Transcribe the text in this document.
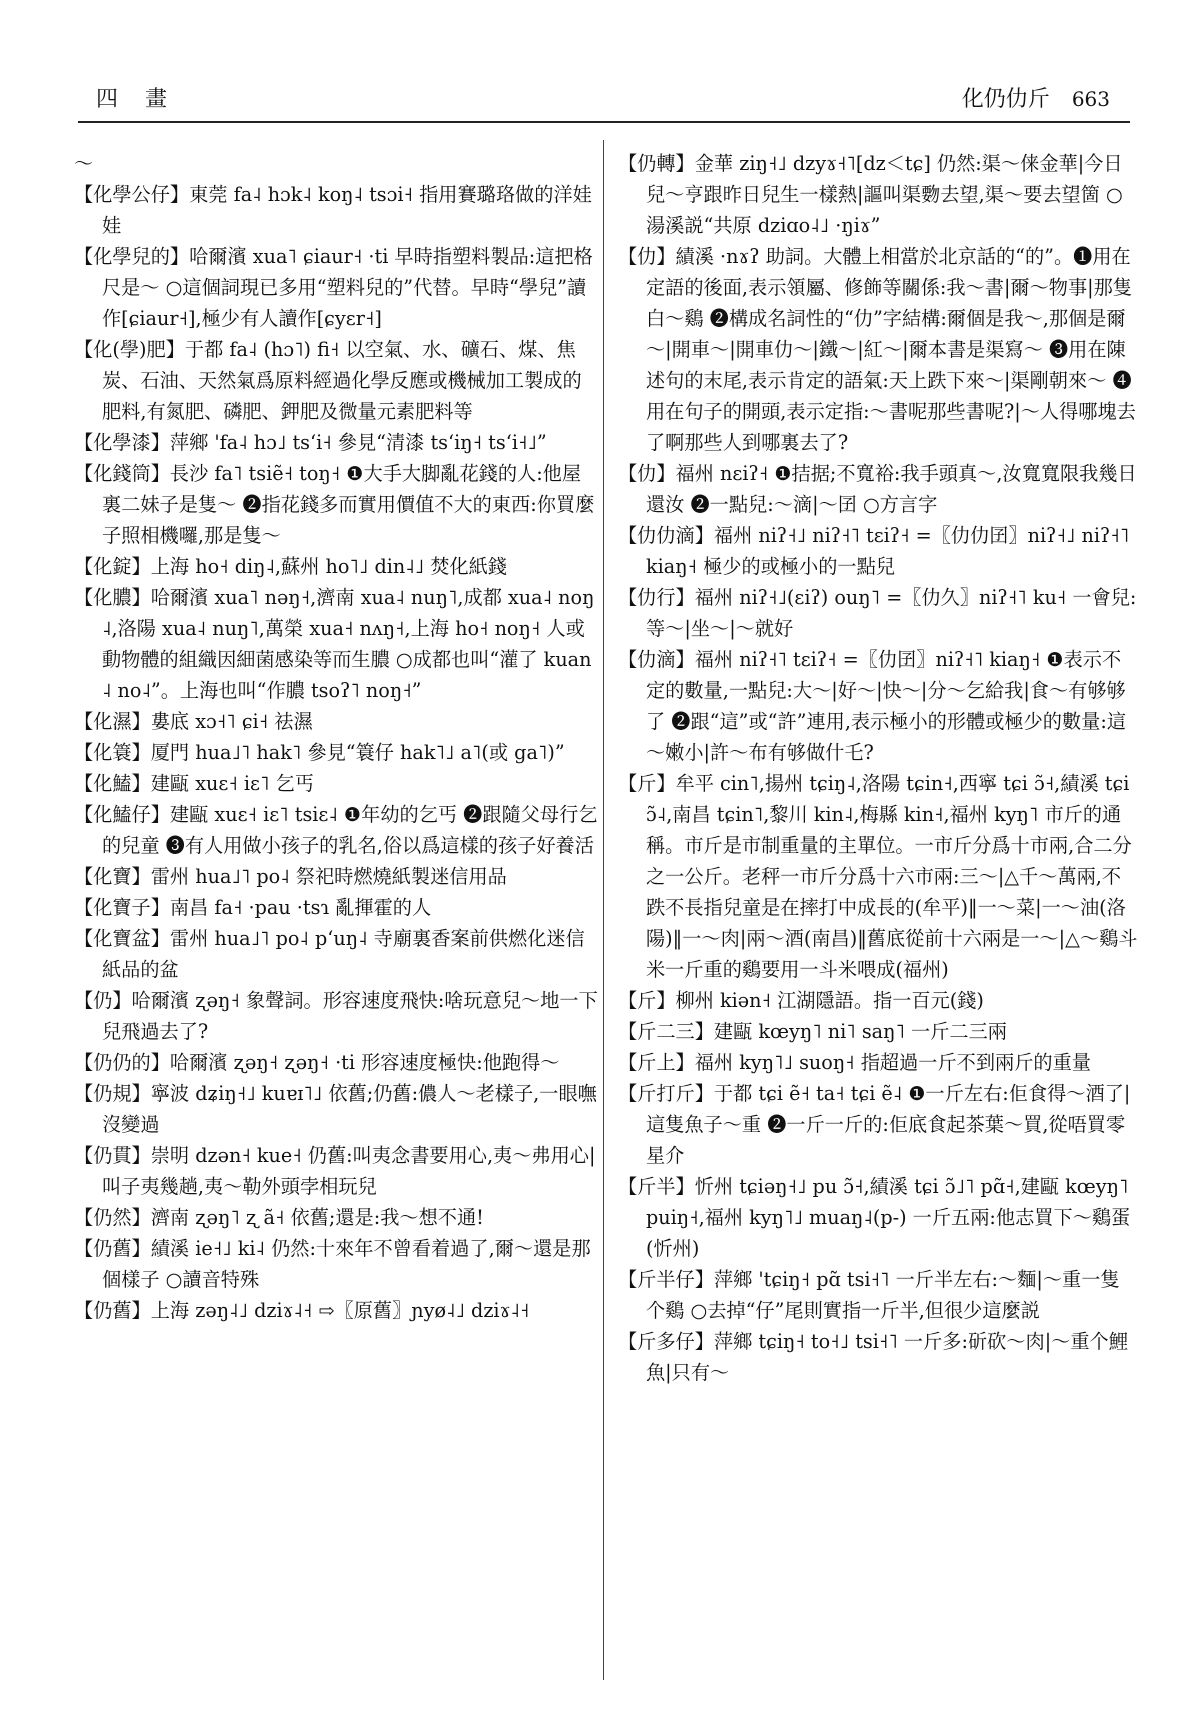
四 畫	化仍仂斤 663

～

【化學公仔】東莞 fa˨ hɔk˨ koŋ˨ tsɔi˧ 指用賽璐珞做的洋娃娃

【化學兒的】哈爾濱 xua˥ ɕiaur˧ ·ti 早時指塑料製品:這把格尺是～ ○這個詞現已多用“塑料兒的”代替。早時“學兒”讀作[ɕiaur˧],極少有人讀作[ɕyɛr˧]

【化(學)肥】于都 fa˨ (hɔ˥) fi˧ 以空氣、水、礦石、煤、焦炭、石油、天然氣爲原料經過化學反應或機械加工製成的肥料,有氮肥、磷肥、鉀肥及微量元素肥料等

【化學漆】萍鄉 'fa˨ hɔ˩ tsʻi˧ 參見“清漆 tsʻiŋ˧ tsʻi˧˩”

【化錢筒】長沙 fa˥ tsiẽ˧ toŋ˧ ❶大手大脚亂花錢的人:他屋裏二妹子是隻～ ❷指花錢多而實用價值不大的東西:你買麼子照相機囉,那是隻～

【化錠】上海 ho˧ diŋ˨,蘇州 ho˥˩ din˨˩ 焚化紙錢

【化膿】哈爾濱 xua˥ nəŋ˧,濟南 xua˨ nuŋ˥,成都 xua˨ noŋ˨,洛陽 xua˨ nuŋ˥,萬榮 xua˧ nʌŋ˧,上海 ho˧ noŋ˧ 人或動物體的組織因細菌感染等而生膿 ○成都也叫“灌了 kuan˨ no˨”。上海也叫“作膿 tsoʔ˥ noŋ˧”

【化濕】婁底 xɔ˧˥ ɕi˧ 祛濕

【化簑】厦門 hua˩˥ hak˥ 參見“簑仔 hak˥˩ a˥(或 ga˥)”

【化鰪】建甌 xuɛ˧ iɛ˥ 乞丐

【化鰪仔】建甌 xuɛ˧ iɛ˥ tsiɛ˨ ❶年幼的乞丐 ❷跟隨父母行乞的兒童 ❸有人用做小孩子的乳名,俗以爲這樣的孩子好養活

【化寶】雷州 hua˩˥ po˨ 祭祀時燃燒紙製迷信用品

【化寶子】南昌 fa˧ ·pau ·tsɿ 亂揮霍的人

【化寶盆】雷州 hua˩˥ po˨ pʻuŋ˨ 寺廟裏香案前供燃化迷信紙品的盆

【仍】哈爾濱 ʐəŋ˧ 象聲詞。形容速度飛快:啥玩意兒～地一下兒飛過去了?

【仍仍的】哈爾濱 ʐəŋ˧ ʐəŋ˧ ·ti 形容速度極快:他跑得～

【仍規】寧波 dʑiŋ˧˩ kuɐɪ˥˩ 依舊;仍舊:儂人～老樣子,一眼嘸沒變過

【仍貫】崇明 dzən˧ kue˧ 仍舊:叫夷念書要用心,夷～弗用心|叫子夷幾趟,夷～勒外頭孛相玩兒

【仍然】濟南 ʐəŋ˥ ʐ ã˧ 依舊;還是:我～想不通!

【仍舊】績溪 ie˧˩ ki˨ 仍然:十來年不曾看着過了,爾～還是那個樣子 ○讀音特殊

【仍舊】上海 zəŋ˨˩ dziɤ˨˧ ⇨〖原舊〗ɲyø˨˩ dziɤ˨˧

【仍轉】金華 ziŋ˧˩ dzyɤ˧˥[dz＜tɕ] 仍然:渠～俫金華|今日兒～亨跟昨日兒生一樣熱|謳叫渠覅去望,渠～要去望箇 ○湯溪説“共原 dziɑo˨˩ ·ŋiɤ”

【仂】績溪 ·nɤʔ 助詞。大體上相當於北京話的“的”。❶用在定語的後面,表示領屬、修飾等關係:我～書|爾～物事|那隻白～鷄 ❷構成名詞性的“仂”字結構:爾個是我～,那個是爾～|開車～|開車仂～|鐵～|紅～|爾本書是渠寫～ ❸用在陳述句的末尾,表示肯定的語氣:天上跌下來～|渠剛朝來～ ❹用在句子的開頭,表示定指:～書呢那些書呢?|～人得哪塊去了啊那些人到哪裏去了?

【仂】福州 nɛiʔ˧ ❶拮据;不寬裕:我手頭真～,汝寬寬限我幾日還汝 ❷一點兒:～滴|～囝 ○方言字

【仂仂滴】福州 niʔ˧˩ niʔ˧˥ tɛiʔ˧ =〖仂仂囝〗niʔ˧˩ niʔ˧˥ kiaŋ˧ 極少的或極小的一點兒

【仂行】福州 niʔ˧˩(ɛiʔ) ouŋ˥ =〖仂久〗niʔ˧˥ ku˧ 一會兒:等～|坐～|～就好

【仂滴】福州 niʔ˧˥ tɛiʔ˧ =〖仂囝〗niʔ˧˥ kiaŋ˧ ❶表示不定的數量,一點兒:大～|好～|快～|分～乞給我|食～有够够了 ❷跟“這”或“許”連用,表示極小的形體或極少的數量:這～嫩小|許～布有够做什乇?

【斤】牟平 cin˥,揚州 tɕiŋ˨,洛陽 tɕin˧,西寧 tɕi ɔ̃˧,績溪 tɕi ɔ̃˨,南昌 tɕin˥,黎川 kin˨,梅縣 kin˧,福州 kyŋ˥ 市斤的通稱。市斤是市制重量的主單位。一市斤分爲十市兩,合二分之一公斤。老秤一市斤分爲十六市兩:三～|△千～萬兩,不跌不長指兒童是在摔打中成長的(牟平)‖一～菜|一～油(洛陽)‖一～肉|兩～酒(南昌)‖舊底從前十六兩是一～|△～鷄斗米一斤重的鷄要用一斗米喂成(福州)

【斤】柳州 kiən˧ 江湖隱語。指一百元(錢)

【斤二三】建甌 kœyŋ˥ ni˥ saŋ˥ 一斤二三兩

【斤上】福州 kyŋ˥˩ suoŋ˧ 指超過一斤不到兩斤的重量

【斤打斤】于都 tɕi ẽ˧ ta˧ tɕi ẽ˨ ❶一斤左右:佢食得～酒了|這隻魚子～重 ❷一斤一斤的:佢底食起茶葉～買,從唔買零星介

【斤半】忻州 tɕiəŋ˧˩ pu ɔ̃˧,績溪 tɕi ɔ̃˩˥ pɑ̃˧,建甌 kœyŋ˥ puiŋ˧,福州 kyŋ˥˩ muaŋ˨(p-) 一斤五兩:他志買下～鷄蛋(忻州)

【斤半仔】萍鄉 'tɕiŋ˧ pɑ̃ tsi˧˥ 一斤半左右:～麵|～重一隻个鷄 ○去掉“仔”尾則實指一斤半,但很少這麼説

【斤多仔】萍鄉 tɕiŋ˧ to˧˩ tsi˧˥ 一斤多:斫砍～肉|～重个鯉魚|只有～
